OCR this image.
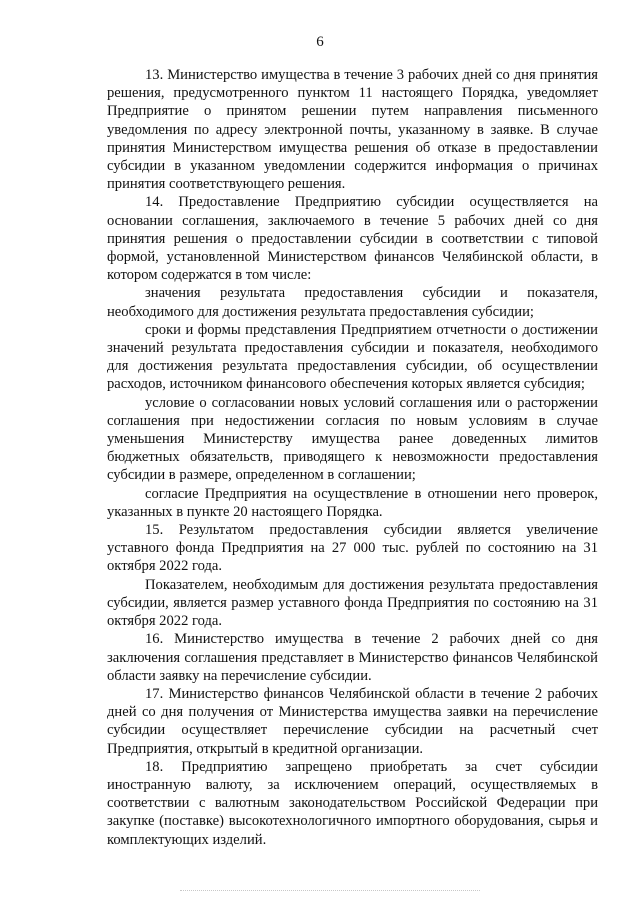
6

13. Министерство имущества в течение 3 рабочих дней со дня принятия решения, предусмотренного пунктом 11 настоящего Порядка, уведомляет Предприятие о принятом решении путем направления письменного уведомления по адресу электронной почты, указанному в заявке. В случае принятия Министерством имущества решения об отказе в предоставлении субсидии в указанном уведомлении содержится информация о причинах принятия соответствующего решения.

14. Предоставление Предприятию субсидии осуществляется на основании соглашения, заключаемого в течение 5 рабочих дней со дня принятия решения о предоставлении субсидии в соответствии с типовой формой, установленной Министерством финансов Челябинской области, в котором содержатся в том числе:

значения результата предоставления субсидии и показателя, необходимого для достижения результата предоставления субсидии;

сроки и формы представления Предприятием отчетности о достижении значений результата предоставления субсидии и показателя, необходимого для достижения результата предоставления субсидии, об осуществлении расходов, источником финансового обеспечения которых является субсидия;

условие о согласовании новых условий соглашения или о расторжении соглашения при недостижении согласия по новым условиям в случае уменьшения Министерству имущества ранее доведенных лимитов бюджетных обязательств, приводящего к невозможности предоставления субсидии в размере, определенном в соглашении;

согласие Предприятия на осуществление в отношении него проверок, указанных в пункте 20 настоящего Порядка.

15. Результатом предоставления субсидии является увеличение уставного фонда Предприятия на 27 000 тыс. рублей по состоянию на 31 октября 2022 года.

Показателем, необходимым для достижения результата предоставления субсидии, является размер уставного фонда Предприятия по состоянию на 31 октября 2022 года.

16. Министерство имущества в течение 2 рабочих дней со дня заключения соглашения представляет в Министерство финансов Челябинской области заявку на перечисление субсидии.

17. Министерство финансов Челябинской области в течение 2 рабочих дней со дня получения от Министерства имущества заявки на перечисление субсидии осуществляет перечисление субсидии на расчетный счет Предприятия, открытый в кредитной организации.

18. Предприятию запрещено приобретать за счет субсидии иностранную валюту, за исключением операций, осуществляемых в соответствии с валютным законодательством Российской Федерации при закупке (поставке) высокотехнологичного импортного оборудования, сырья и комплектующих изделий.
